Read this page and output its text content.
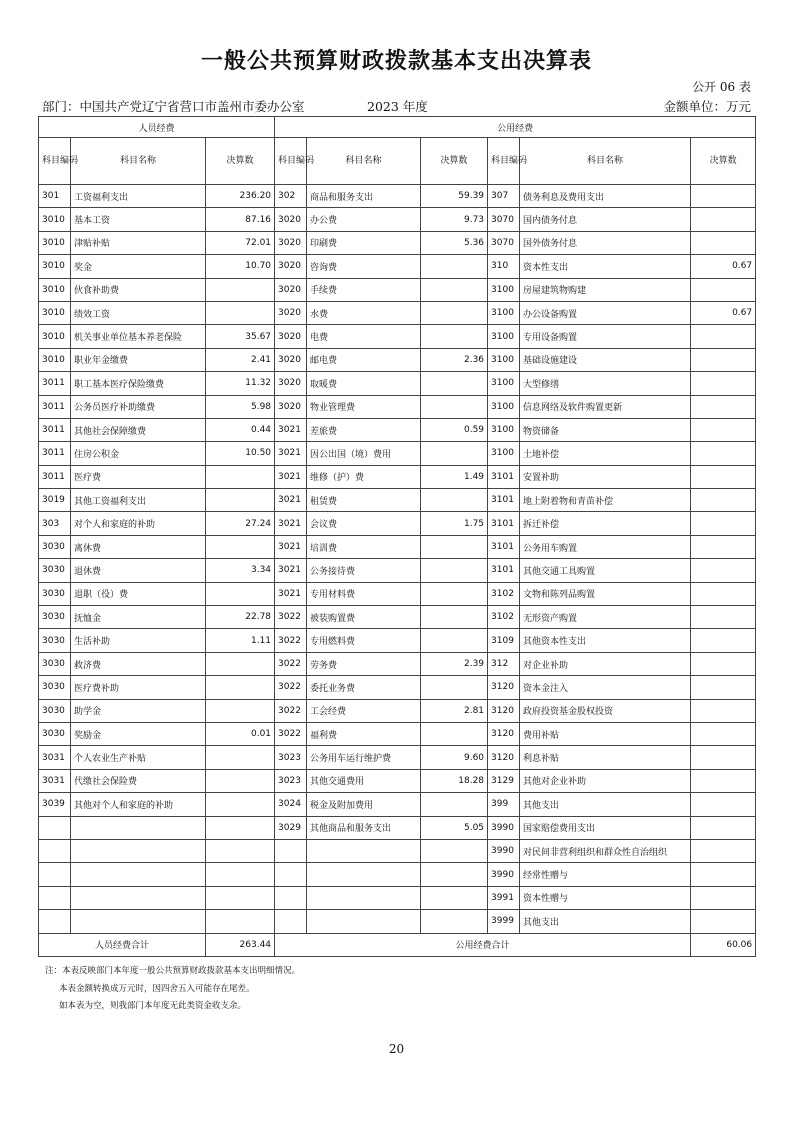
一般公共预算财政拨款基本支出决算表
公开 06 表
部门：中国共产党辽宁省营口市盖州市委办公室	2023 年度	金额单位：万元
人员经费			公用经费					
科目编码	科目名称	决算数	科目编码	科目名称	决算数	科目编码	科目名称	决算数
301	工资福利支出	236.20	302	商品和服务支出	59.39	307	债务利息及费用支出	
3010	基本工资	87.16	3020	办公费	9.73	3070	国内债务付息	
3010	津贴补贴	72.01	3020	印刷费	5.36	3070	国外债务付息	
3010	奖金	10.70	3020	咨询费		310	资本性支出	0.67
3010	伙食补助费		3020	手续费		3100	房屋建筑物购建	
3010	绩效工资		3020	水费		3100	办公设备购置	0.67
3010	机关事业单位基本养老保险	35.67	3020	电费		3100	专用设备购置	
3010	职业年金缴费	2.41	3020	邮电费	2.36	3100	基础设施建设	
3011	职工基本医疗保险缴费	11.32	3020	取暖费		3100	大型修缮	
3011	公务员医疗补助缴费	5.98	3020	物业管理费		3100	信息网络及软件购置更新	
3011	其他社会保障缴费	0.44	3021	差旅费	0.59	3100	物资储备	
3011	住房公积金	10.50	3021	因公出国（境）费用		3100	土地补偿	
3011	医疗费		3021	维修（护）费	1.49	3101	安置补助	
3019	其他工资福利支出		3021	租赁费		3101	地上附着物和青苗补偿	
303	对个人和家庭的补助	27.24	3021	会议费	1.75	3101	拆迁补偿	
3030	离休费		3021	培训费		3101	公务用车购置	
3030	退休费	3.34	3021	公务接待费		3101	其他交通工具购置	
3030	退职（役）费		3021	专用材料费		3102	文物和陈列品购置	
3030	抚恤金	22.78	3022	被装购置费		3102	无形资产购置	
3030	生活补助	1.11	3022	专用燃料费		3109	其他资本性支出	
3030	救济费		3022	劳务费	2.39	312	对企业补助	
3030	医疗费补助		3022	委托业务费		3120	资本金注入	
3030	助学金		3022	工会经费	2.81	3120	政府投资基金股权投资	
3030	奖励金	0.01	3022	福利费		3120	费用补贴	
3031	个人农业生产补贴		3023	公务用车运行维护费	9.60	3120	利息补贴	
3031	代缴社会保险费		3023	其他交通费用	18.28	3129	其他对企业补助	
3039	其他对个人和家庭的补助		3024	税金及附加费用		399	其他支出	
			3029	其他商品和服务支出	5.05	3990	国家赔偿费用支出	
						3990	对民间非营利组织和群众性自治组织	
						3990	经常性赠与	
						3991	资本性赠与	
						3999	其他支出	
人员经费合计		263.44	公用经费合计					60.06
注：本表反映部门本年度一般公共预算财政拨款基本支出明细情况。
本表金额转换成万元时，因四舍五入可能存在尾差。
如本表为空，则我部门本年度无此类资金收支余。
20
